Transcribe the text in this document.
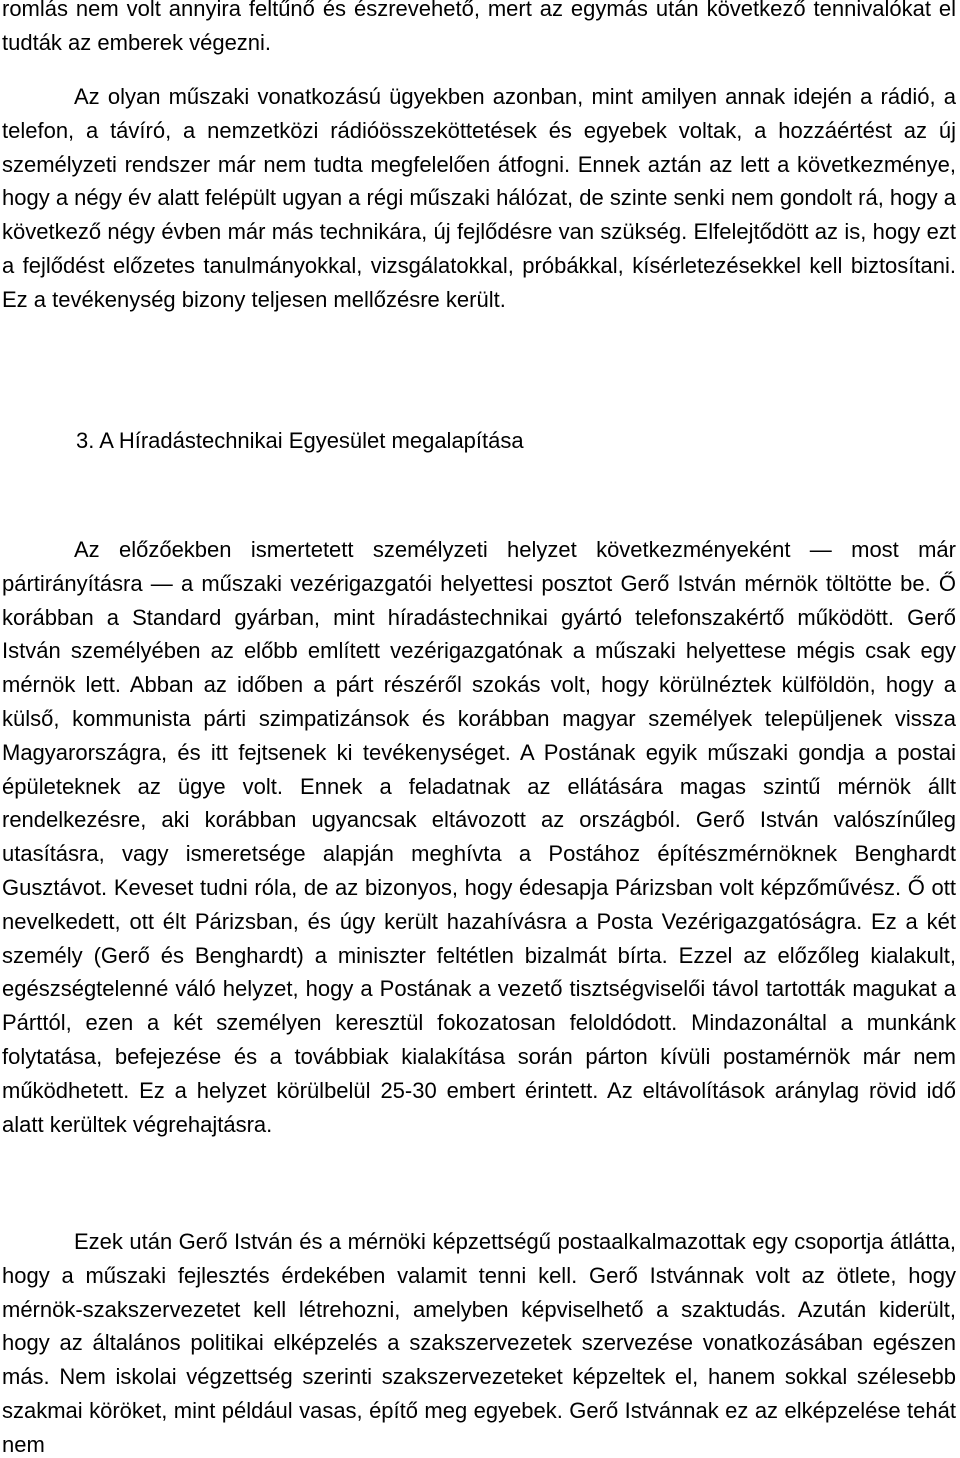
romlás nem volt annyira feltűnő és észrevehető, mert az egymás után következő tennivalókat el tudták az emberek végezni.

Az olyan műszaki vonatkozású ügyekben azonban, mint amilyen annak idején a rádió, a telefon, a távíró, a nemzetközi rádióösszeköttetések és egyebek voltak, a hozzáértést az új személyzeti rendszer már nem tudta megfelelően átfogni. Ennek aztán az lett a következménye, hogy a négy év alatt felépült ugyan a régi műszaki hálózat, de szinte senki nem gondolt rá, hogy a következő négy évben már más technikára, új fejlődésre van szükség. Elfelejtődött az is, hogy ezt a fejlődést előzetes tanulmányokkal, vizsgálatokkal, próbákkal, kísérletezésekkel kell biztosítani. Ez a tevékenység bizony teljesen mellőzésre került.

3. A Híradástechnikai Egyesület megalapítása

Az előzőekben ismertetett személyzeti helyzet következményeként — most már pártirányításra — a műszaki vezérigazgatói helyettesi posztot Gerő István mérnök töltötte be. Ő korábban a Standard gyárban, mint híradástechnikai gyártó telefonszakértő működött. Gerő István személyében az előbb említett vezérigazgatónak a műszaki helyettese mégis csak egy mérnök lett. Abban az időben a párt részéről szokás volt, hogy körülnéztek külföldön, hogy a külső, kommunista párti szimpatizánsok és korábban magyar személyek települjenek vissza Magyarországra, és itt fejtsenek ki tevékenységet. A Postának egyik műszaki gondja a postai épületeknek az ügye volt. Ennek a feladatnak az ellátására magas szintű mérnök állt rendelkezésre, aki korábban ugyancsak eltávozott az országból. Gerő István valószínűleg utasításra, vagy ismeretsége alapján meghívta a Postához építészmérnöknek Benghardt Gusztávot. Keveset tudni róla, de az bizonyos, hogy édesapja Párizsban volt képzőművész. Ő ott nevelkedett, ott élt Párizsban, és úgy került hazahívásra a Posta Vezérigazgatóságra. Ez a két személy (Gerő és Benghardt) a miniszter feltétlen bizalmát bírta. Ezzel az előzőleg kialakult, egészségtelenné váló helyzet, hogy a Postának a vezető tisztségviselői távol tartották magukat a Párttól, ezen a két személyen keresztül fokozatosan feloldódott. Mindazonáltal a munkánk folytatása, befejezése és a továbbiak kialakítása során párton kívüli postamérnök már nem működhetett. Ez a helyzet körülbelül 25-30 embert érintett. Az eltávolítások aránylag rövid idő alatt kerültek végrehajtásra.

Ezek után Gerő István és a mérnöki képzettségű postaalkalmazottak egy csoportja átlátta, hogy a műszaki fejlesztés érdekében valamit tenni kell. Gerő Istvánnak volt az ötlete, hogy mérnök-szakszervezetet kell létrehozni, amelyben képviselhető a szaktudás. Azután kiderült, hogy az általános politikai elképzelés a szakszervezetek szervezése vonatkozásában egészen más. Nem iskolai végzettség szerinti szakszervezeteket képzeltek el, hanem sokkal szélesebb szakmai köröket, mint például vasas, építő meg egyebek. Gerő Istvánnak ez az elképzelése tehát nem
